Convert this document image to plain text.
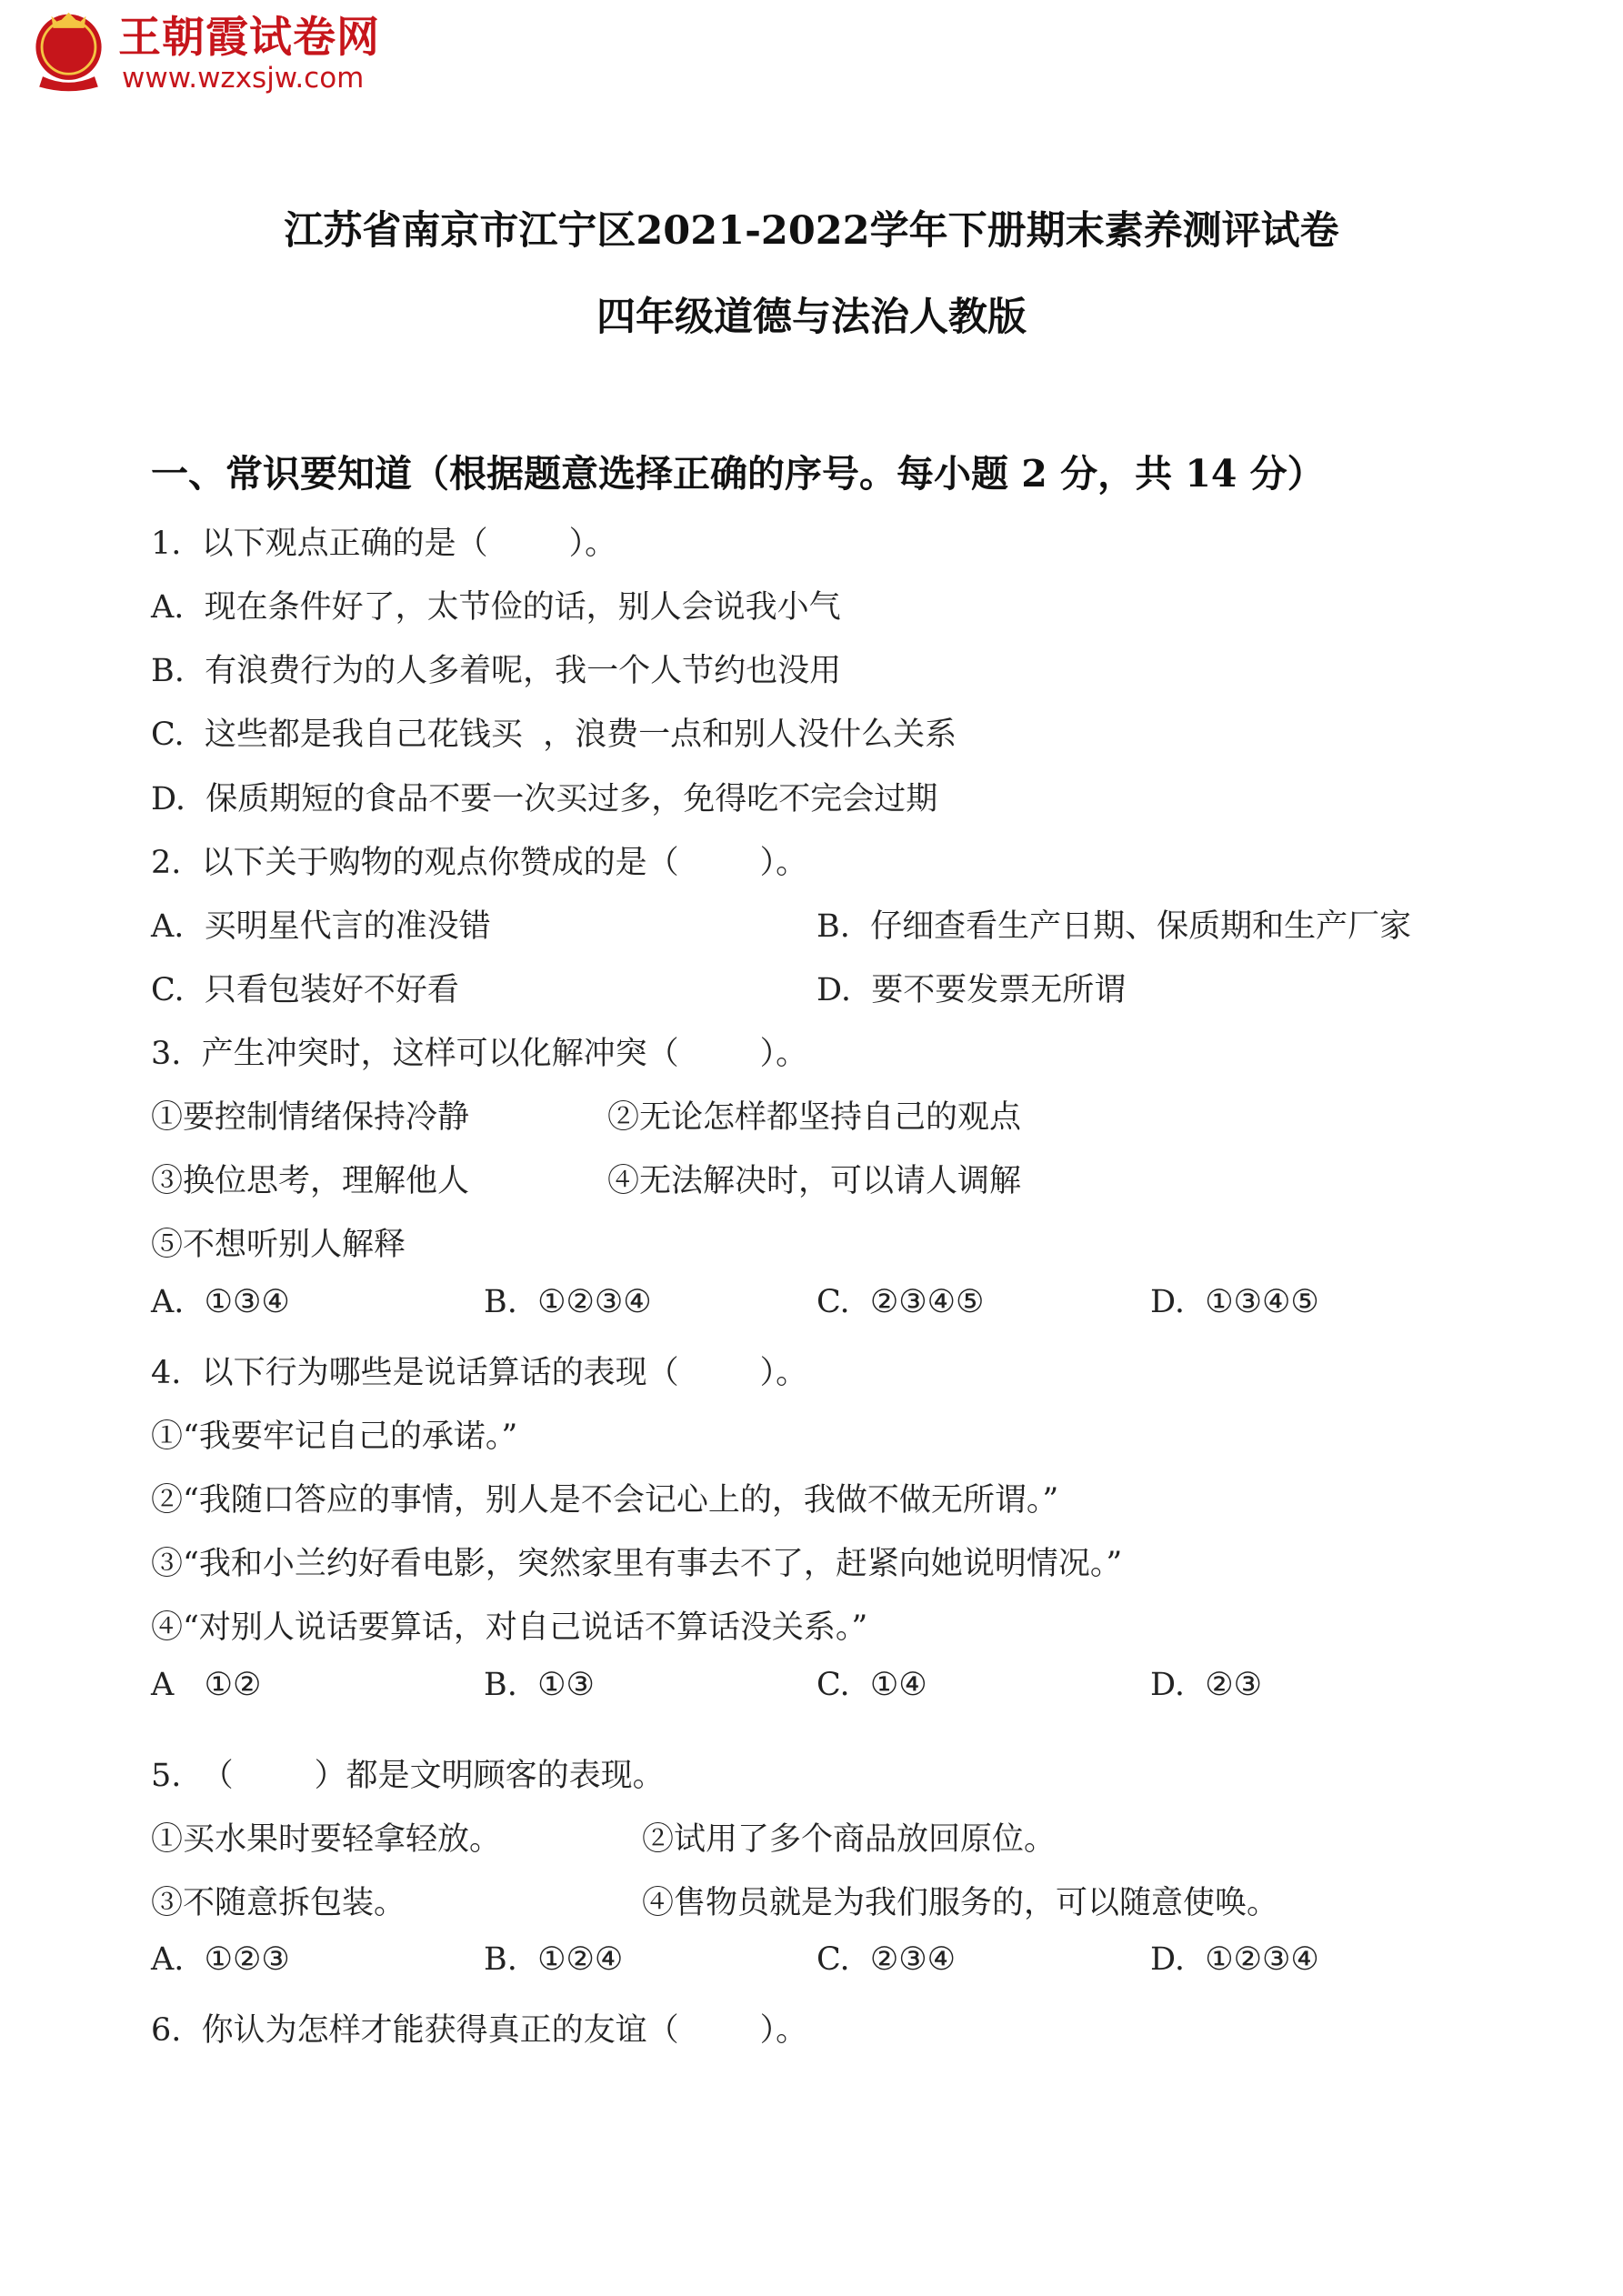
王朝霞试卷网
www.wzxsjw.com
江苏省南京市江宁区2021-2022学年下册期末素养测评试卷
四年级道德与法治人教版
一、常识要知道（根据题意选择正确的序号。每小题 2 分，共 14 分）
1.  以下观点正确的是（        ）。
A.  现在条件好了，太节俭的话，别人会说我小气
B.  有浪费行为的人多着呢，我一个人节约也没用
C.  这些都是我自己花钱买  ，浪费一点和别人没什么关系
D.  保质期短的食品不要一次买过多，免得吃不完会过期
2.  以下关于购物的观点你赞成的是（        ）。
A.  买明星代言的准没错	B.  仔细查看生产日期、保质期和生产厂家
C.  只看包装好不好看	D.  要不要发票无所谓
3.  产生冲突时，这样可以化解冲突（        ）。
①要控制情绪保持冷静	②无论怎样都坚持自己的观点
③换位思考，理解他人	④无法解决时，可以请人调解
⑤不想听别人解释
A.  ①③④	B.  ①②③④	C.  ②③④⑤	D.  ①③④⑤
4.  以下行为哪些是说话算话的表现（        ）。
①“我要牢记自己的承诺。”
②“我随口答应的事情，别人是不会记心上的，我做不做无所谓。”
③“我和小兰约好看电影，突然家里有事去不了，赶紧向她说明情况。”
④“对别人说话要算话，对自己说话不算话没关系。”
A   ①②	B.  ①③	C.  ①④	D.  ②③
5.  （        ）都是文明顾客的表现。
①买水果时要轻拿轻放。	②试用了多个商品放回原位。
③不随意拆包装。	④售物员就是为我们服务的，可以随意使唤。
A.  ①②③	B.  ①②④	C.  ②③④	D.  ①②③④
6.  你认为怎样才能获得真正的友谊（        ）。
